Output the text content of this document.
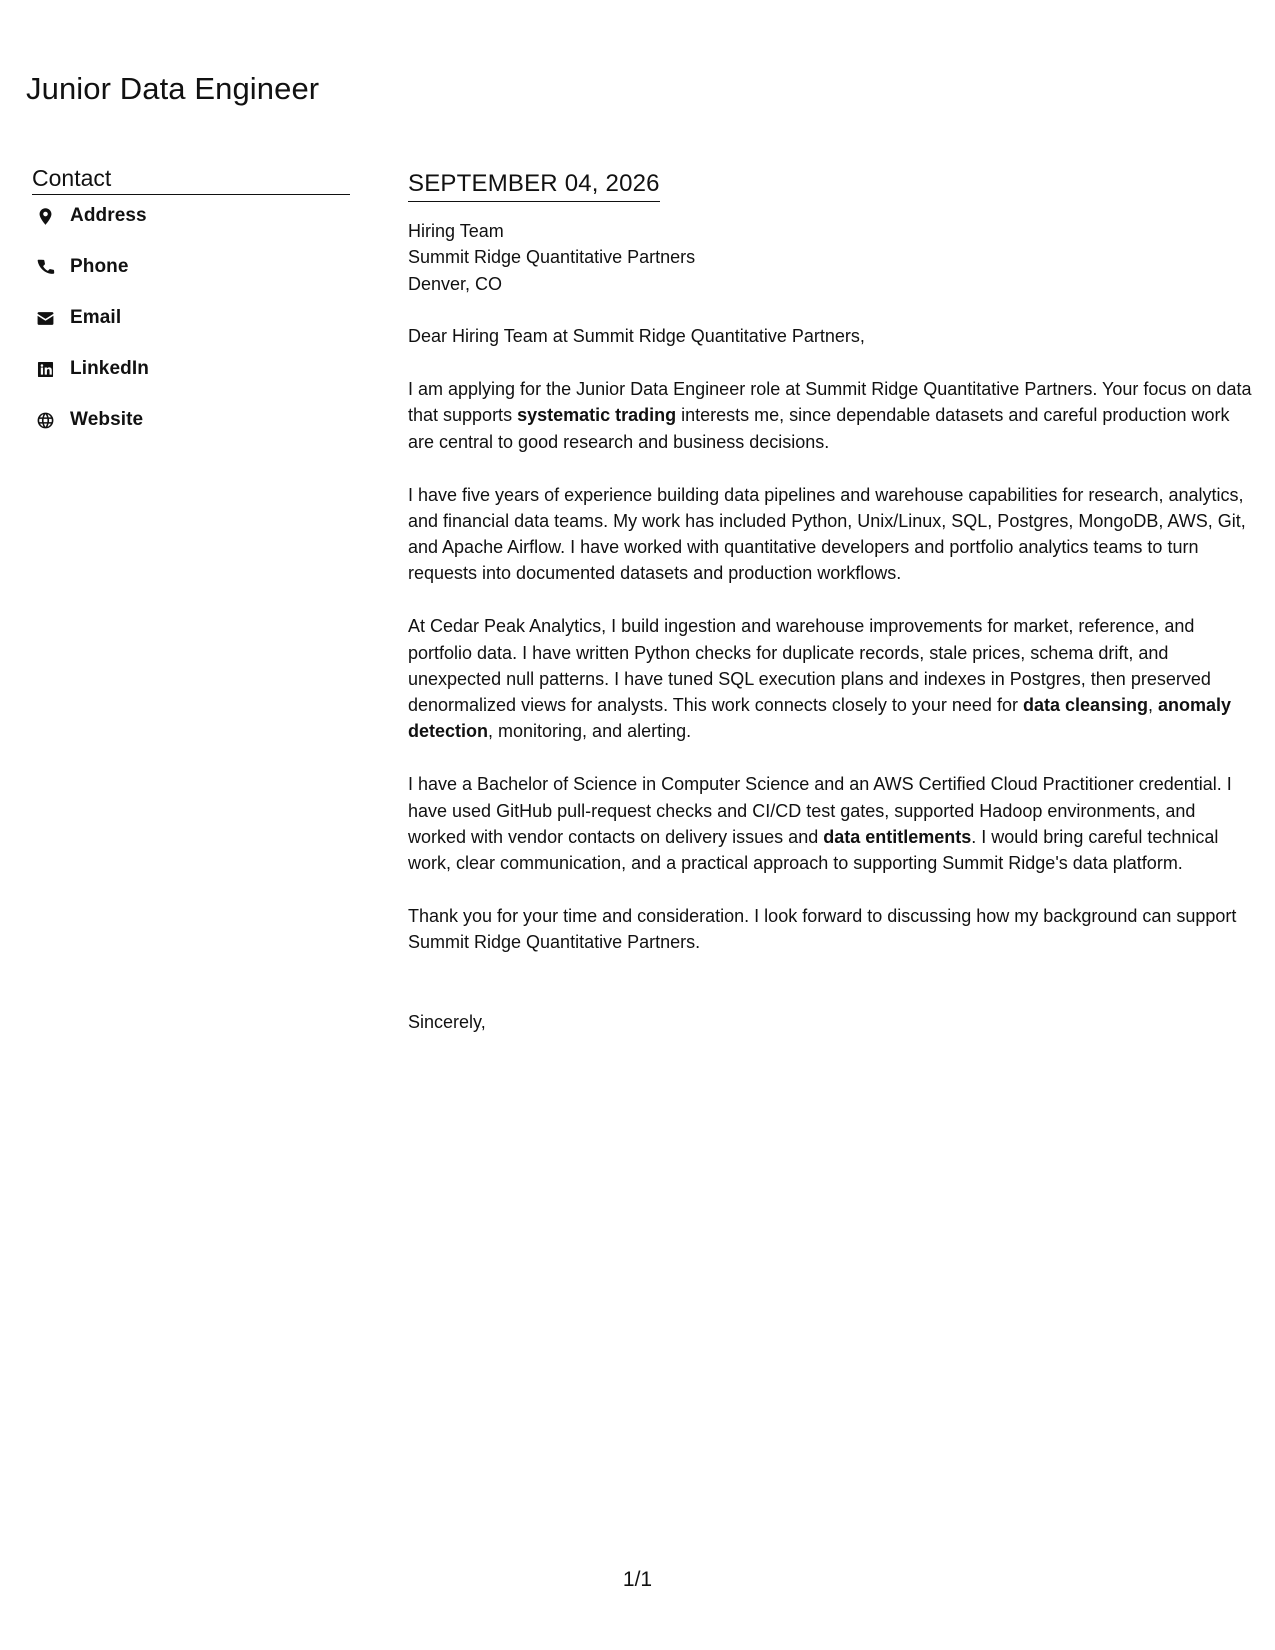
Junior Data Engineer
Contact
Address
Phone
Email
LinkedIn
Website
SEPTEMBER 04, 2026
Hiring Team
Summit Ridge Quantitative Partners
Denver, CO

Dear Hiring Team at Summit Ridge Quantitative Partners,

I am applying for the Junior Data Engineer role at Summit Ridge Quantitative Partners. Your focus on data that supports systematic trading interests me, since dependable datasets and careful production work are central to good research and business decisions.

I have five years of experience building data pipelines and warehouse capabilities for research, analytics, and financial data teams. My work has included Python, Unix/Linux, SQL, Postgres, MongoDB, AWS, Git, and Apache Airflow. I have worked with quantitative developers and portfolio analytics teams to turn requests into documented datasets and production workflows.

At Cedar Peak Analytics, I build ingestion and warehouse improvements for market, reference, and portfolio data. I have written Python checks for duplicate records, stale prices, schema drift, and unexpected null patterns. I have tuned SQL execution plans and indexes in Postgres, then preserved denormalized views for analysts. This work connects closely to your need for data cleansing, anomaly detection, monitoring, and alerting.

I have a Bachelor of Science in Computer Science and an AWS Certified Cloud Practitioner credential. I have used GitHub pull-request checks and CI/CD test gates, supported Hadoop environments, and worked with vendor contacts on delivery issues and data entitlements. I would bring careful technical work, clear communication, and a practical approach to supporting Summit Ridge's data platform.

Thank you for your time and consideration. I look forward to discussing how my background can support Summit Ridge Quantitative Partners.

Sincerely,

1/1
